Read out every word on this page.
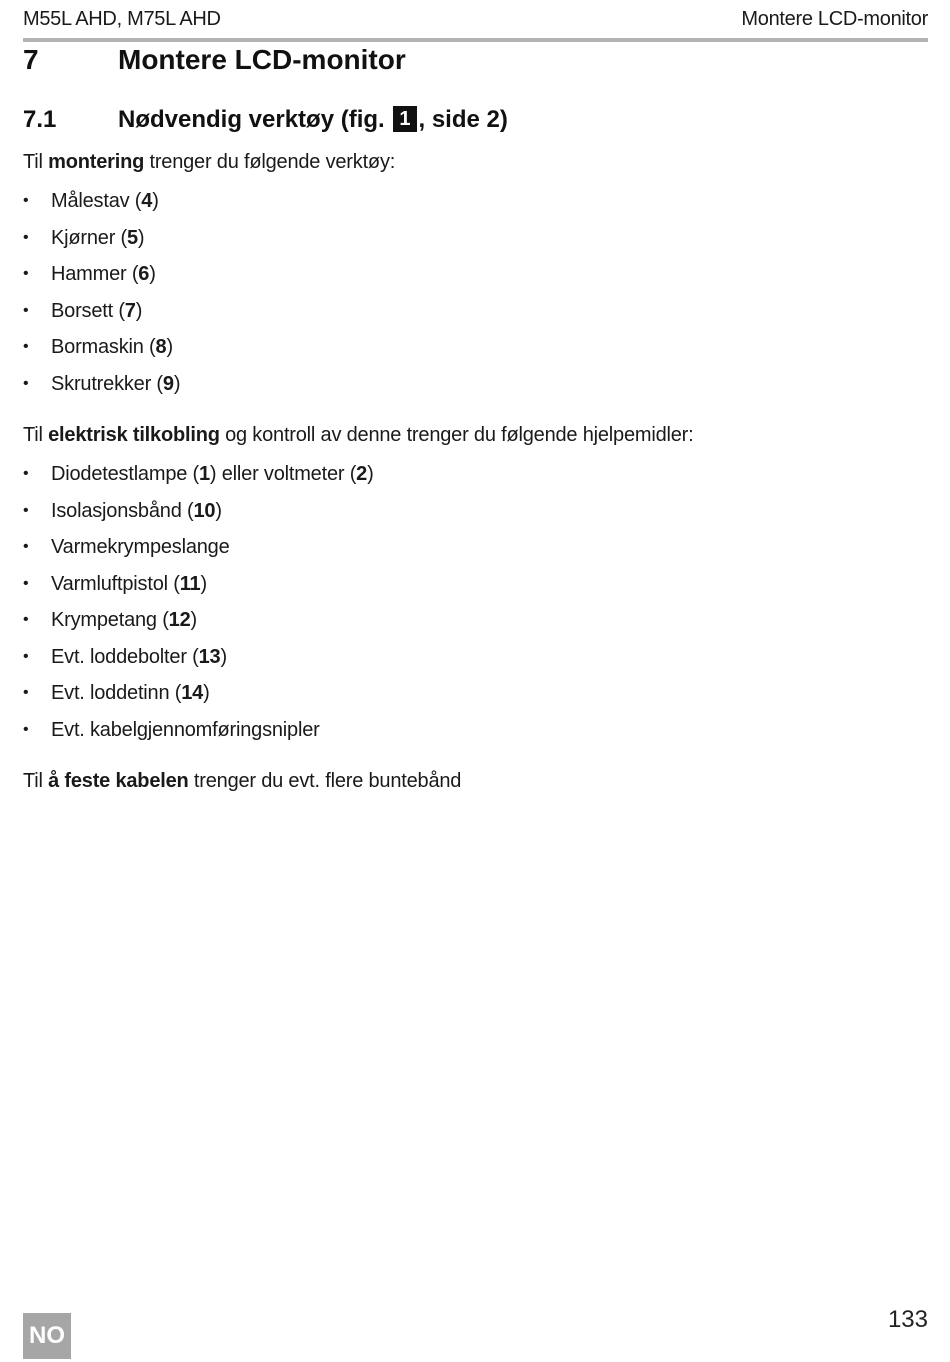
M55L AHD, M75L AHD	Montere LCD-monitor
7	Montere LCD-monitor
7.1	Nødvendig verktøy (fig. 1 , side 2)

Til montering trenger du følgende verktøy:

• Målestav (4)
• Kjørner (5)
• Hammer (6)
• Borsett (7)
• Bormaskin (8)
• Skrutrekker (9)

Til elektrisk tilkobling og kontroll av denne trenger du følgende hjelpemidler:

• Diodetestlampe (1) eller voltmeter (2)
• Isolasjonsbånd (10)
• Varmekrympeslange
• Varmluftpistol (11)
• Krympetang (12)
• Evt. loddebolter (13)
• Evt. loddetinn (14)
• Evt. kabelgjennomføringsnipler

Til å feste kabelen trenger du evt. flere buntebånd

NO
133
